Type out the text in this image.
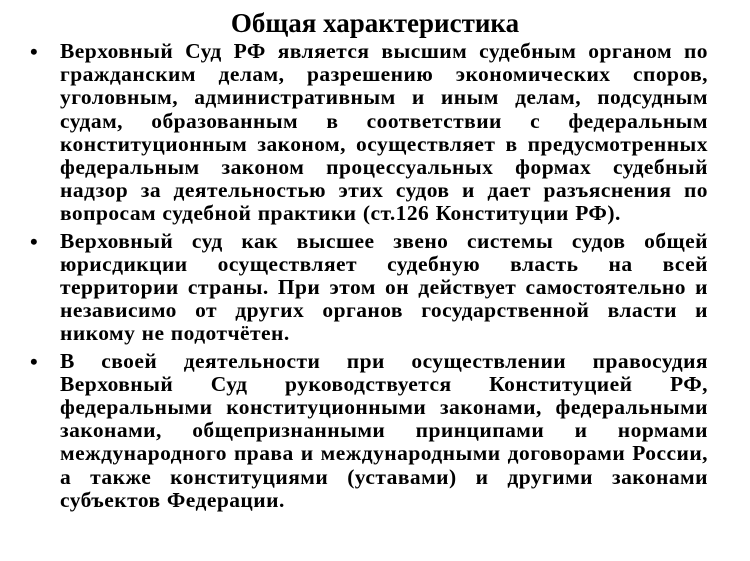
Общая характеристика
• Верховный Суд РФ является высшим судебным органом по гражданским делам, разрешению экономических споров, уголовным, административным и иным делам, подсудным судам, образованным в соответствии с федеральным конституционным законом, осуществляет в предусмотренных федеральным законом процессуальных формах судебный надзор за деятельностью этих судов и дает разъяснения по вопросам судебной практики (ст.126 Конституции РФ).
• Верховный суд как высшее звено системы судов общей юрисдикции осуществляет судебную власть на всей территории страны. При этом он действует самостоятельно и независимо от других органов государственной власти и никому не подотчётен.
• В своей деятельности при осуществлении правосудия Верховный Суд руководствуется Конституцией РФ, федеральными конституционными законами, федеральными законами, общепризнанными принципами и нормами международного права и международными договорами России, а также конституциями (уставами) и другими законами субъектов Федерации.
